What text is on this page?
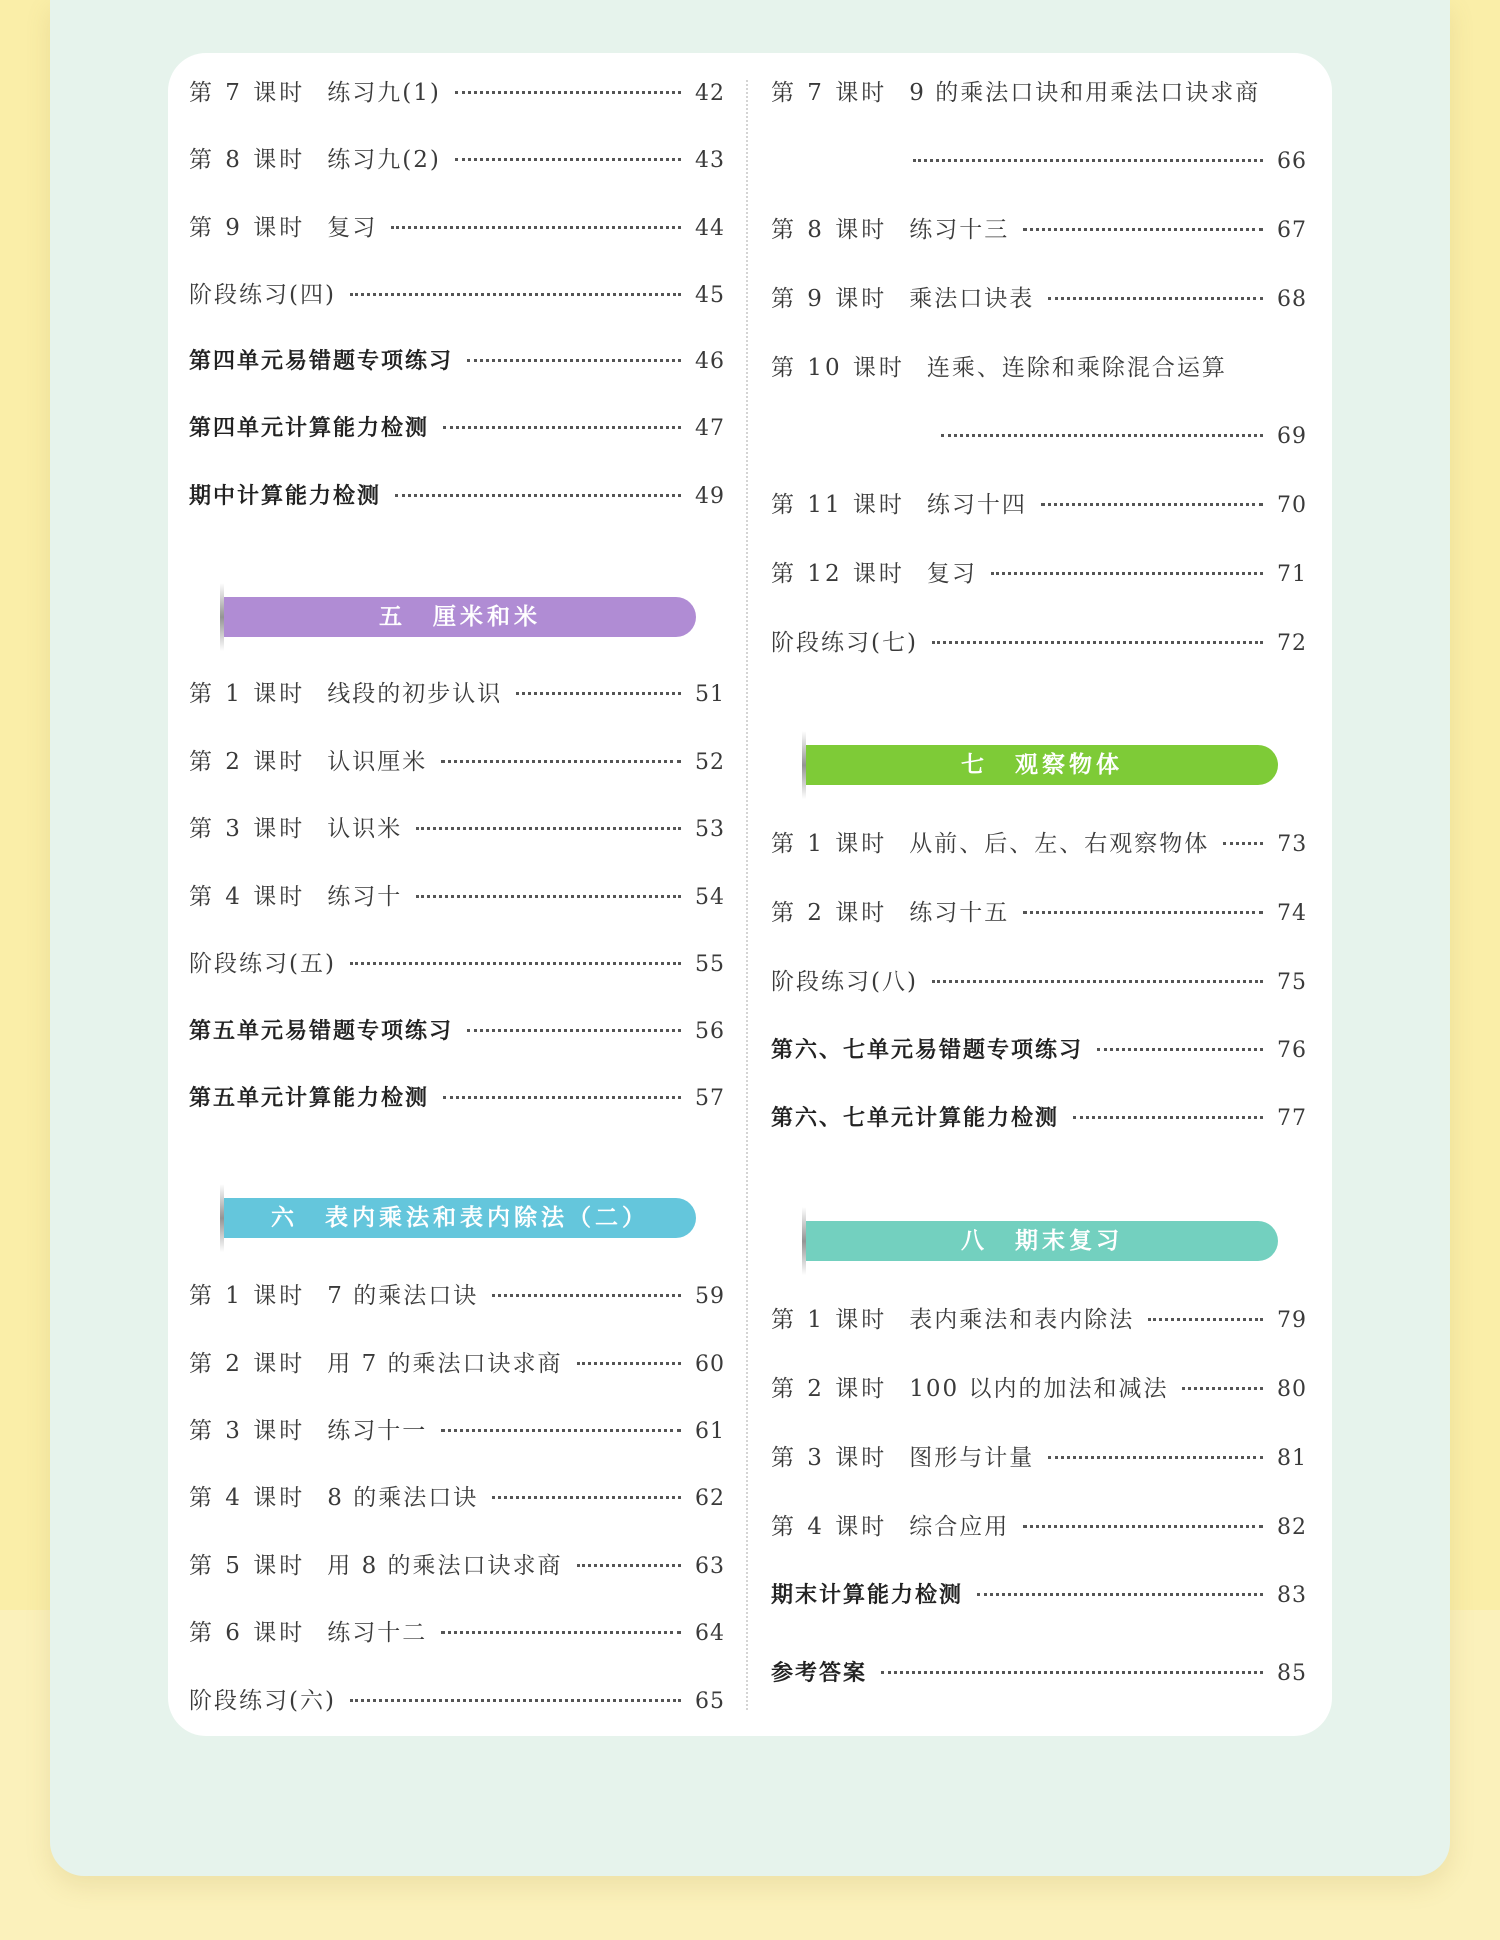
第 7 课时 练习九(1)	42
第 8 课时 练习九(2)	43
第 9 课时 复习	44
阶段练习(四)	45
第四单元易错题专项练习	46
第四单元计算能力检测	47
期中计算能力检测	49
五　厘米和米
第 1 课时 线段的初步认识	51
第 2 课时 认识厘米	52
第 3 课时 认识米	53
第 4 课时 练习十	54
阶段练习(五)	55
第五单元易错题专项练习	56
第五单元计算能力检测	57
六　表内乘法和表内除法（二）
第 1 课时 7 的乘法口诀	59
第 2 课时 用 7 的乘法口诀求商	60
第 3 课时 练习十一	61
第 4 课时 8 的乘法口诀	62
第 5 课时 用 8 的乘法口诀求商	63
第 6 课时 练习十二	64
阶段练习(六)	65
第 7 课时 9 的乘法口诀和用乘法口诀求商
66
第 8 课时 练习十三	67
第 9 课时 乘法口诀表	68
第 10 课时 连乘、连除和乘除混合运算
69
第 11 课时 练习十四	70
第 12 课时 复习	71
阶段练习(七)	72
七　观察物体
第 1 课时 从前、后、左、右观察物体	73
第 2 课时 练习十五	74
阶段练习(八)	75
第六、七单元易错题专项练习	76
第六、七单元计算能力检测	77
八　期末复习
第 1 课时 表内乘法和表内除法	79
第 2 课时 100 以内的加法和减法	80
第 3 课时 图形与计量	81
第 4 课时 综合应用	82
期末计算能力检测	83
参考答案	85
